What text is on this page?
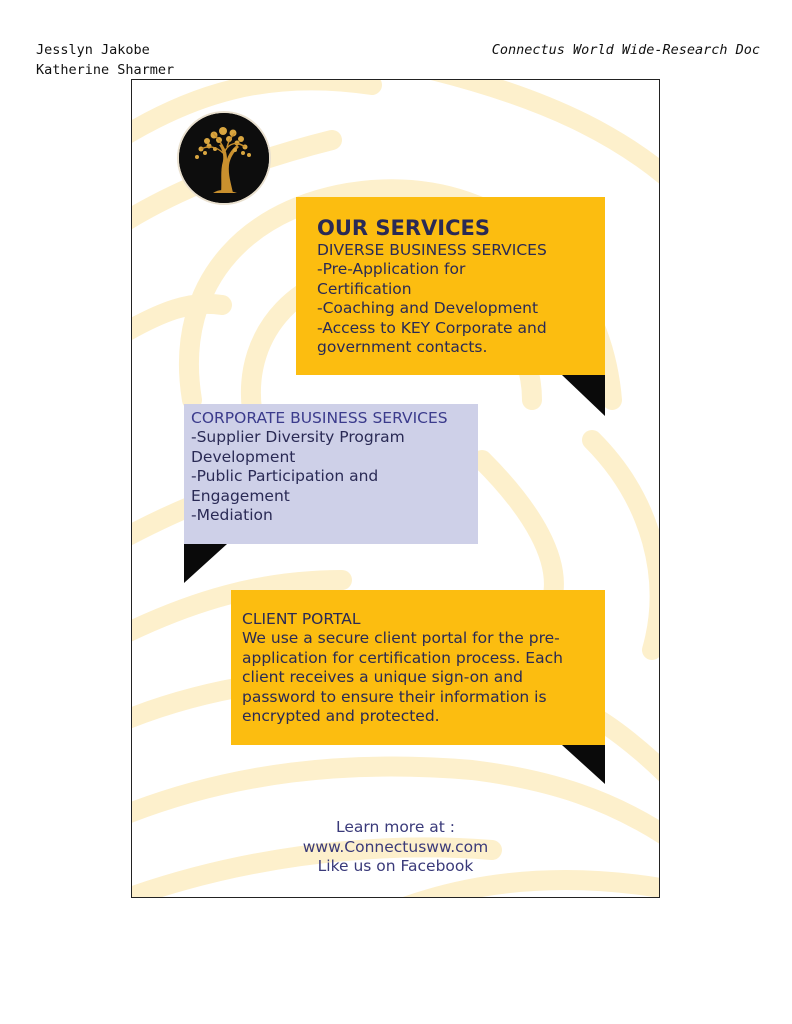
Jesslyn Jakobe
Katherine Sharmer
Connectus World Wide-Research Doc
OUR SERVICES
DIVERSE BUSINESS SERVICES
-Pre-Application for
Certification
-Coaching and Development
-Access to KEY Corporate and
government contacts.
CORPORATE BUSINESS SERVICES
-Supplier Diversity Program
Development
-Public Participation and
Engagement
-Mediation
CLIENT PORTAL
We use a secure client portal for the pre-
application for certification process. Each
client receives a unique sign-on and
password to ensure their information is
encrypted and protected.
Learn more at :
www.Connectusww.com
Like us on Facebook
